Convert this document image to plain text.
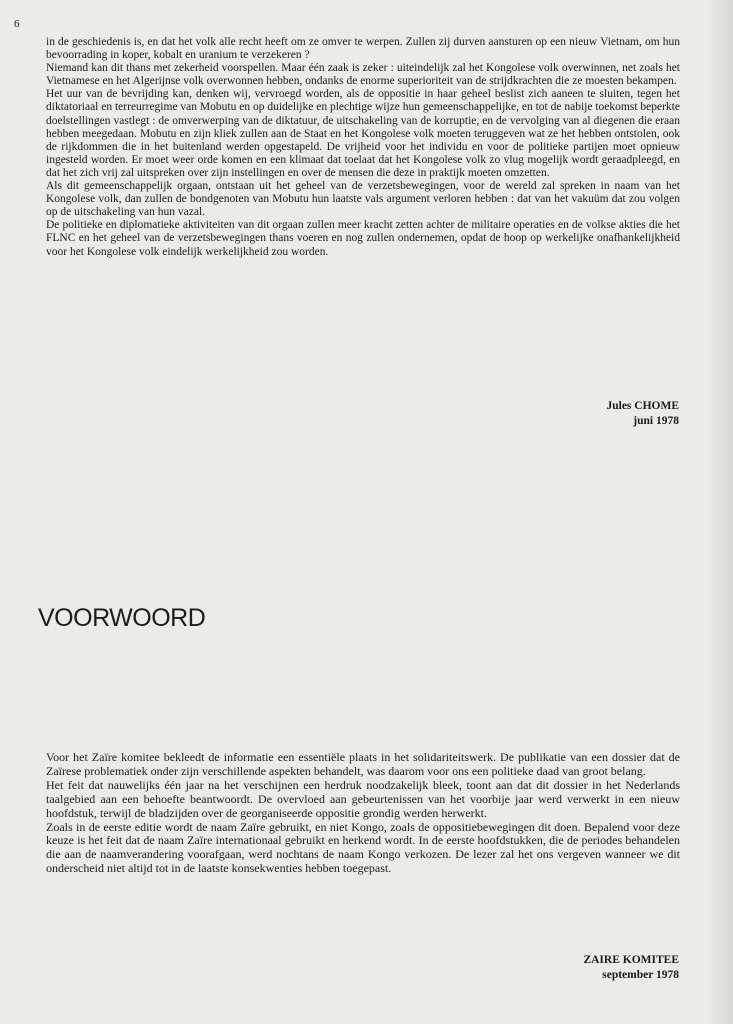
6

in de geschiedenis is, en dat het volk alle recht heeft om ze omver te werpen. Zullen zij durven aansturen op een nieuw Vietnam, om hun bevoorrading in koper, kobalt en uranium te verzekeren ?

Niemand kan dit thans met zekerheid voorspellen. Maar één zaak is zeker : uiteindelijk zal het Kongolese volk overwinnen, net zoals het Vietnamese en het Algerijnse volk overwonnen hebben, ondanks de enorme superioriteit van de strijdkrachten die ze moesten bekampen.

Het uur van de bevrijding kan, denken wij, vervroegd worden, als de oppositie in haar geheel beslist zich aaneen te sluiten, tegen het diktatoriaal en terreurregime van Mobutu en op duidelijke en plechtige wijze hun gemeenschappelijke, en tot de nabije toekomst beperkte doelstellingen vastlegt : de omverwerping van de diktatuur, de uitschakeling van de korruptie, en de vervolging van al diegenen die eraan hebben meegedaan. Mobutu en zijn kliek zullen aan de Staat en het Kongolese volk moeten teruggeven wat ze het hebben ontstolen, ook de rijkdommen die in het buitenland werden opgestapeld. De vrijheid voor het individu en voor de politieke partijen moet opnieuw ingesteld worden. Er moet weer orde komen en een klimaat dat toelaat dat het Kongolese volk zo vlug mogelijk wordt geraadpleegd, en dat het zich vrij zal uitspreken over zijn instellingen en over de mensen die deze in praktijk moeten omzetten.

Als dit gemeenschappelijk orgaan, ontstaan uit het geheel van de verzetsbewegingen, voor de wereld zal spreken in naam van het Kongolese volk, dan zullen de bondgenoten van Mobutu hun laatste vals argument verloren hebben : dat van het vakuüm dat zou volgen op de uitschakeling van hun vazal.

De politieke en diplomatieke aktiviteiten van dit orgaan zullen meer kracht zetten achter de militaire operaties en de volkse akties die het FLNC en het geheel van de verzetsbewegingen thans voeren en nog zullen ondernemen, opdat de hoop op werkelijke onafhankelijkheid voor het Kongolese volk eindelijk werkelijkheid zou worden.

Jules CHOME
juni 1978
VOORWOORD

Voor het Zaïre komitee bekleedt de informatie een essentiële plaats in het solidariteitswerk. De publikatie van een dossier dat de Zaïrese problematiek onder zijn verschillende aspekten behandelt, was daarom voor ons een politieke daad van groot belang.

Het feit dat nauwelijks één jaar na het verschijnen een herdruk noodzakelijk bleek, toont aan dat dit dossier in het Nederlands taalgebied aan een behoefte beantwoordt. De overvloed aan gebeurtenissen van het voorbije jaar werd verwerkt in een nieuw hoofdstuk, terwijl de bladzijden over de georganiseerde oppositie grondig werden herwerkt.

Zoals in de eerste editie wordt de naam Zaïre gebruikt, en niet Kongo, zoals de oppositiebewegingen dit doen. Bepalend voor deze keuze is het feit dat de naam Zaïre internationaal gebruikt en herkend wordt. In de eerste hoofdstukken, die de periodes behandelen die aan de naamverandering voorafgaan, werd nochtans de naam Kongo verkozen. De lezer zal het ons vergeven wanneer we dit onderscheid niet altijd tot in de laatste konsekwenties hebben toegepast.

ZAIRE KOMITEE
september 1978
